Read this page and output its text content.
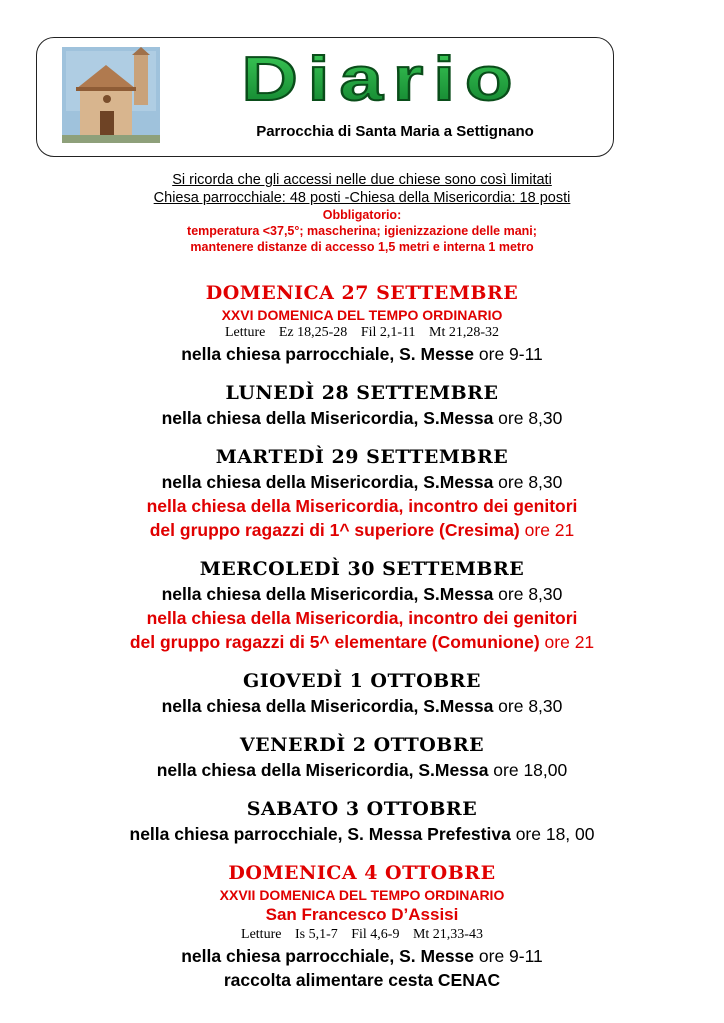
Diario
Parrocchia di Santa Maria a Settignano
Si ricorda che gli accessi nelle due chiese sono così limitati
Chiesa parrocchiale: 48 posti -Chiesa della Misericordia: 18 posti
Obbligatorio:
temperatura <37,5°; mascherina; igienizzazione delle mani;
mantenere distanze di accesso 1,5 metri e interna 1 metro
DOMENICA 27 SETTEMBRE
XXVI DOMENICA DEL TEMPO ORDINARIO
Letture Ez 18,25-28 Fil 2,1-11 Mt 21,28-32
nella chiesa parrocchiale, S. Messe ore 9-11
LUNEDÌ 28 SETTEMBRE
nella chiesa della Misericordia, S.Messa ore 8,30
MARTEDÌ 29 SETTEMBRE
nella chiesa della Misericordia, S.Messa ore 8,30
nella chiesa della Misericordia, incontro dei genitori
del gruppo ragazzi di 1^ superiore (Cresima) ore 21
MERCOLEDÌ 30 SETTEMBRE
nella chiesa della Misericordia, S.Messa ore 8,30
nella chiesa della Misericordia, incontro dei genitori
del gruppo ragazzi di 5^ elementare (Comunione) ore 21
GIOVEDÌ 1 OTTOBRE
nella chiesa della Misericordia, S.Messa ore 8,30
VENERDÌ 2 OTTOBRE
nella chiesa della Misericordia, S.Messa ore 18,00
SABATO 3 OTTOBRE
nella chiesa parrocchiale, S. Messa Prefestiva ore 18, 00
DOMENICA 4 OTTOBRE
XXVII DOMENICA DEL TEMPO ORDINARIO
San Francesco D’Assisi
Letture Is 5,1-7 Fil 4,6-9 Mt 21,33-43
nella chiesa parrocchiale, S. Messe ore 9-11
raccolta alimentare cesta CENAC
